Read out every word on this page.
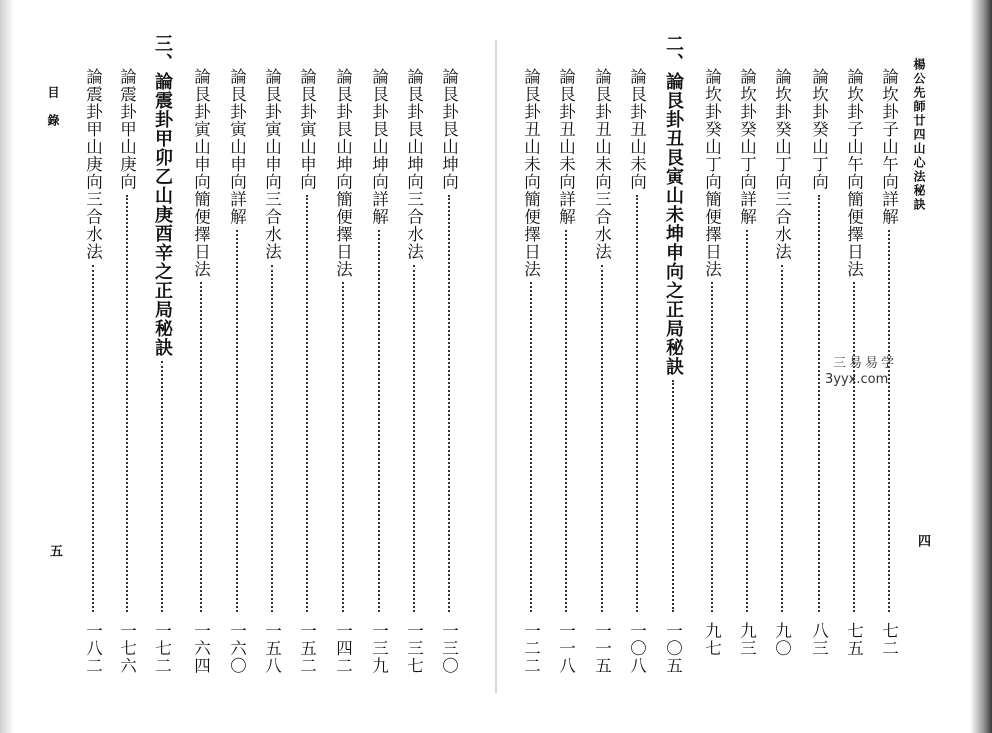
楊公先師廿四山心法秘訣
四
目　錄
五
論坎卦子山午向詳解
七二
論坎卦子山午向簡便擇日法
七五
論坎卦癸山丁向
八三
論坎卦癸山丁向三合水法
九〇
論坎卦癸山丁向詳解
九三
論坎卦癸山丁向簡便擇日法
九七
二、論艮卦丑艮寅山未坤申向之正局秘訣
一〇五
論艮卦丑山未向
一〇八
論艮卦丑山未向三合水法
一一五
論艮卦丑山未向詳解
一一八
論艮卦丑山未向簡便擇日法
一二二
論艮卦艮山坤向
一三〇
論艮卦艮山坤向三合水法
一三七
論艮卦艮山坤向詳解
一三九
論艮卦艮山坤向簡便擇日法
一四二
論艮卦寅山申向
一五二
論艮卦寅山申向三合水法
一五八
論艮卦寅山申向詳解
一六〇
論艮卦寅山申向簡便擇日法
一六四
三、論震卦甲卯乙山庚酉辛之正局秘訣
一七二
論震卦甲山庚向
一七六
論震卦甲山庚向三合水法
一八二
三易易学
3yyx.com
